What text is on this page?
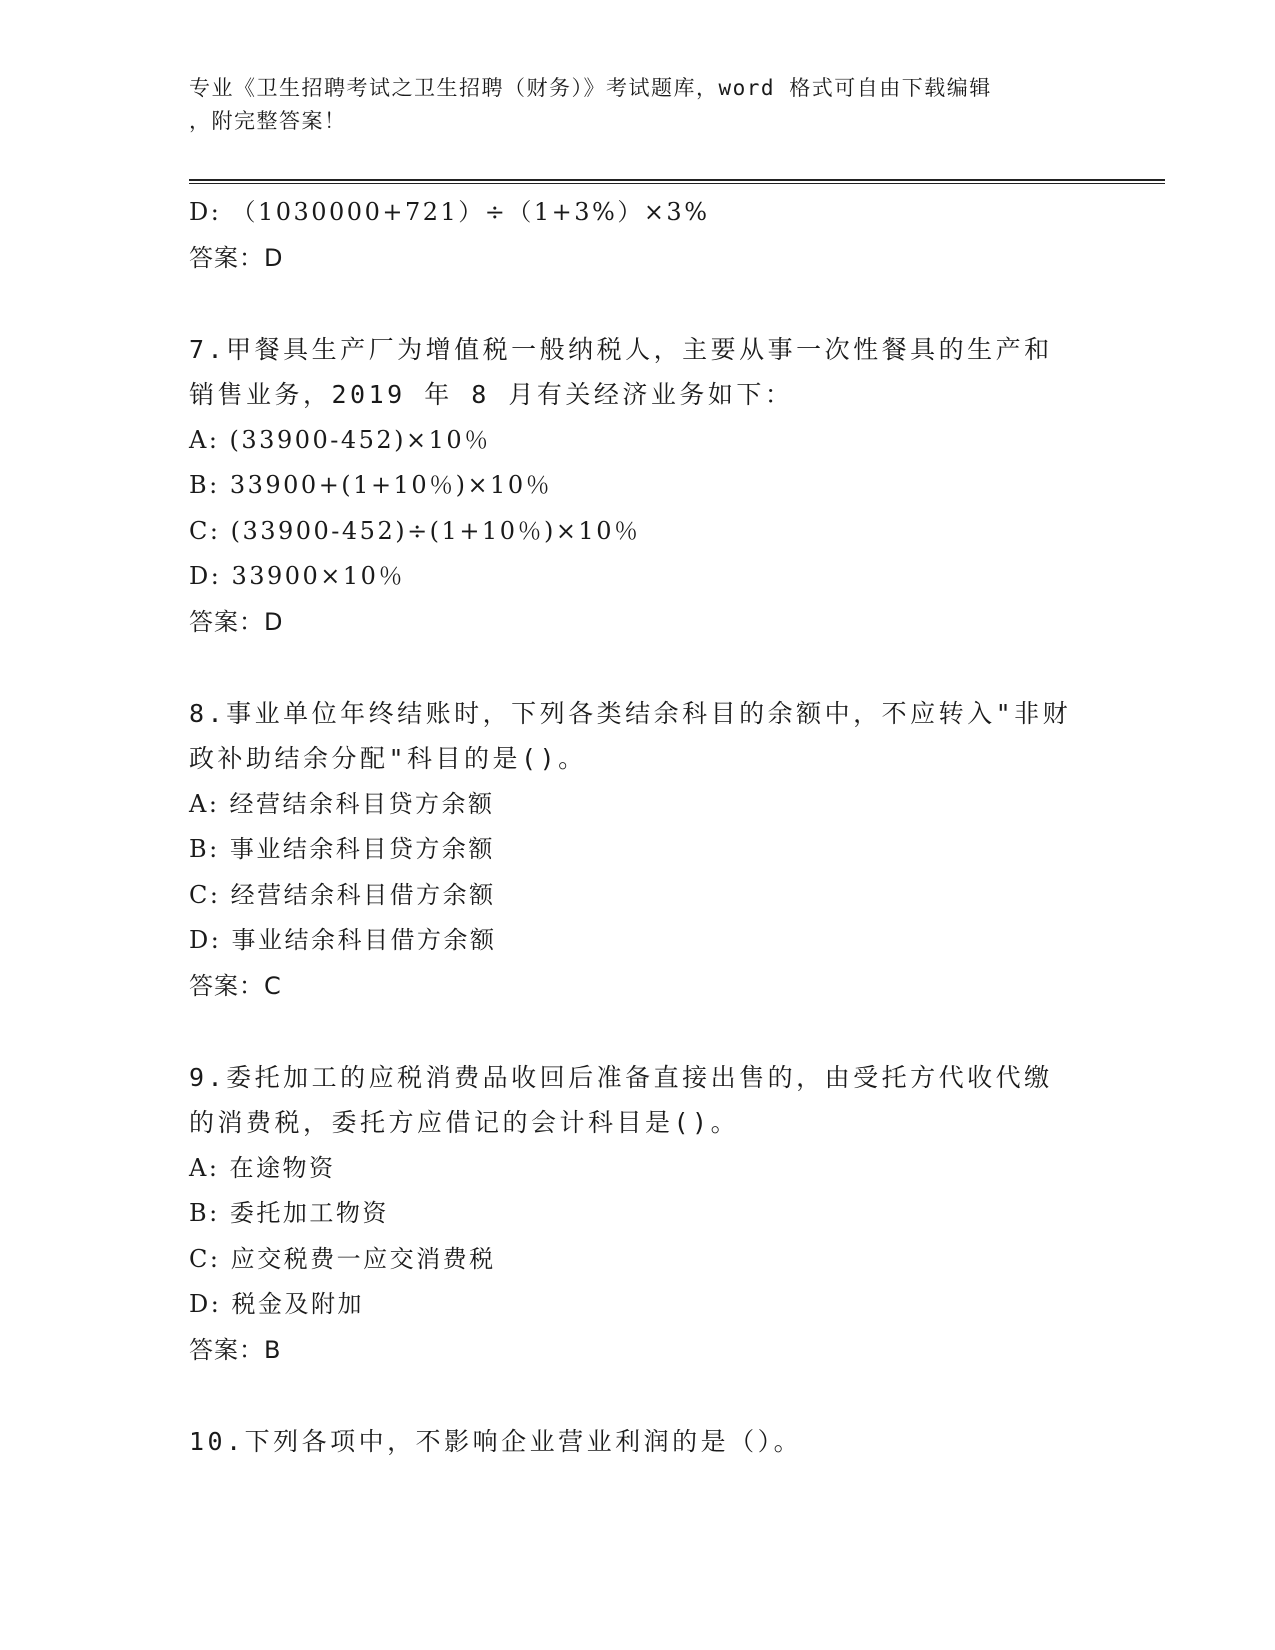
专业《卫生招聘考试之卫生招聘（财务）》考试题库，word 格式可自由下载编辑
，附完整答案！
D: （1030000+721）÷（1+3%）×3%
答案：D
7.甲餐具生产厂为增值税一般纳税人，主要从事一次性餐具的生产和
销售业务，2019 年 8 月有关经济业务如下：
A: (33900-452)×10％
B: 33900+(1+10％)×10％
C: (33900-452)÷(1+10％)×10％
D: 33900×10％
答案：D
8.事业单位年终结账时，下列各类结余科目的余额中，不应转入"非财
政补助结余分配"科目的是()。
A: 经营结余科目贷方余额
B: 事业结余科目贷方余额
C: 经营结余科目借方余额
D: 事业结余科目借方余额
答案：C
9.委托加工的应税消费品收回后准备直接出售的，由受托方代收代缴
的消费税，委托方应借记的会计科目是()。
A: 在途物资
B: 委托加工物资
C: 应交税费一应交消费税
D: 税金及附加
答案：B
10.下列各项中，不影响企业营业利润的是（）。
